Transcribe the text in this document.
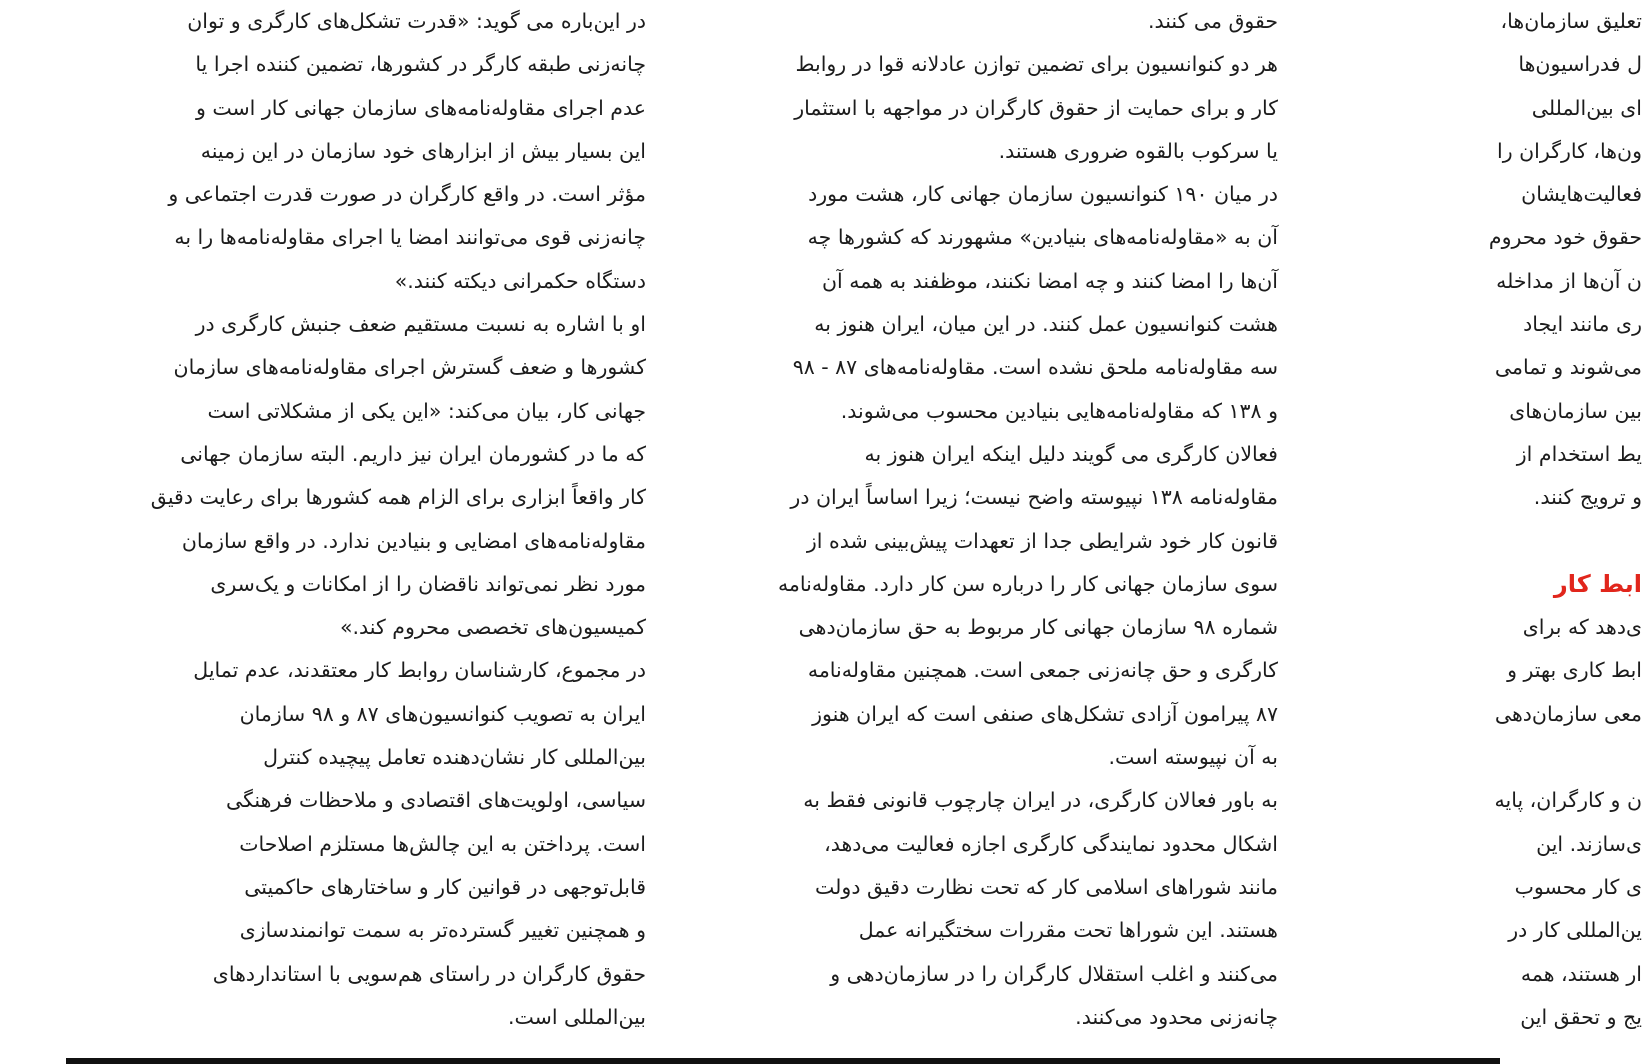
در این‌باره می گوید: «قدرت تشکل‌های کارگری و توان
چانه‌زنی طبقه کارگر در کشورها، تضمین کننده اجرا یا
عدم اجرای مقاوله‌نامه‌های سازمان جهانی کار است و
این بسیار بیش از ابزارهای خود سازمان در این زمینه
مؤثر است. در واقع کارگران در صورت قدرت اجتماعی و
چانه‌زنی قوی می‌توانند امضا یا اجرای مقاوله‌نامه‌ها را به
دستگاه حکمرانی دیکته کنند.»
او با اشاره به نسبت مستقیم ضعف جنبش کارگری در
کشورها و ضعف گسترش اجرای مقاوله‌نامه‌های سازمان
جهانی کار، بیان می‌کند: «این یکی از مشکلاتی است
که ما در کشورمان ایران نیز داریم. البته سازمان جهانی
کار واقعاً ابزاری برای الزام همه کشورها برای رعایت دقیق
مقاوله‌نامه‌های امضایی و بنیادین ندارد. در واقع سازمان
مورد نظر نمی‌تواند ناقضان را از امکانات و یک‌سری
کمیسیون‌های تخصصی محروم کند.»
در مجموع، کارشناسان روابط کار معتقدند، عدم تمایل
ایران به تصویب کنوانسیون‌های ۸۷ و ۹۸ سازمان
بین‌المللی کار نشان‌دهنده تعامل پیچیده کنترل
سیاسی، اولویت‌های اقتصادی و ملاحظات فرهنگی
است. پرداختن به این چالش‌ها مستلزم اصلاحات
قابل‌توجهی در قوانین کار و ساختارهای حاکمیتی
و همچنین تغییر گسترده‌تر به سمت توانمندسازی
حقوق کارگران در راستای هم‌سویی با استانداردهای
بین‌المللی است.
حقوق می کنند.
هر دو کنوانسیون برای تضمین توازن عادلانه قوا در روابط
کار و برای حمایت از حقوق کارگران در مواجهه با استثمار
یا سرکوب بالقوه ضروری هستند.
در میان ۱۹۰ کنوانسیون سازمان جهانی کار، هشت مورد
آن به «مقاوله‌نامه‌های بنیادین» مشهورند که کشورها چه
آن‌ها را امضا کنند و چه امضا نکنند، موظفند به همه آن
هشت کنوانسیون عمل کنند. در این میان، ایران هنوز به
سه مقاوله‌نامه ملحق نشده است. مقاوله‌نامه‌های ۸۷ - ۹۸
و ۱۳۸ که مقاوله‌نامه‌هایی بنیادین محسوب می‌شوند.
فعالان کارگری می گویند دلیل اینکه ایران هنوز به
مقاوله‌نامه ۱۳۸ نپیوسته واضح نیست؛ زیرا اساساً ایران در
قانون کار خود شرایطی جدا از تعهدات پیش‌بینی شده از
سوی سازمان جهانی کار را درباره سن کار دارد. مقاوله‌نامه
شماره ۹۸ سازمان جهانی کار مربوط به حق سازمان‌دهی
کارگری و حق چانه‌زنی جمعی است. همچنین مقاوله‌نامه
۸۷ پیرامون آزادی تشکل‌های صنفی است که ایران هنوز
به آن نپیوسته است.
به باور فعالان کارگری، در ایران چارچوب قانونی فقط به
اشکال محدود نمایندگی کارگری اجازه فعالیت می‌دهد،
مانند شوراهای اسلامی کار که تحت نظارت دقیق دولت
هستند. این شوراها تحت مقررات سختگیرانه عمل
می‌کنند و اغلب استقلال کارگران را در سازمان‌دهی و
چانه‌زنی محدود می‌کنند.
تعلیق سازمان‌ها،
ل فدراسیون‌ها
ای بین‌المللی
ون‌ها، کارگران را
فعالیت‌هایشان
حقوق خود محروم
ن آن‌ها از مداخله
ری مانند ایجاد
می‌شوند و تمامی
بین سازمان‌های
یط استخدام از
و ترویج کنند.
ابط کار
ی‌دهد که برای
ابط کاری بهتر و
معی سازمان‌دهی
ن و کارگران، پایه
ی‌سازند. این
ی کار محسوب
ین‌المللی کار در
ار هستند، همه
یج و تحقق این
